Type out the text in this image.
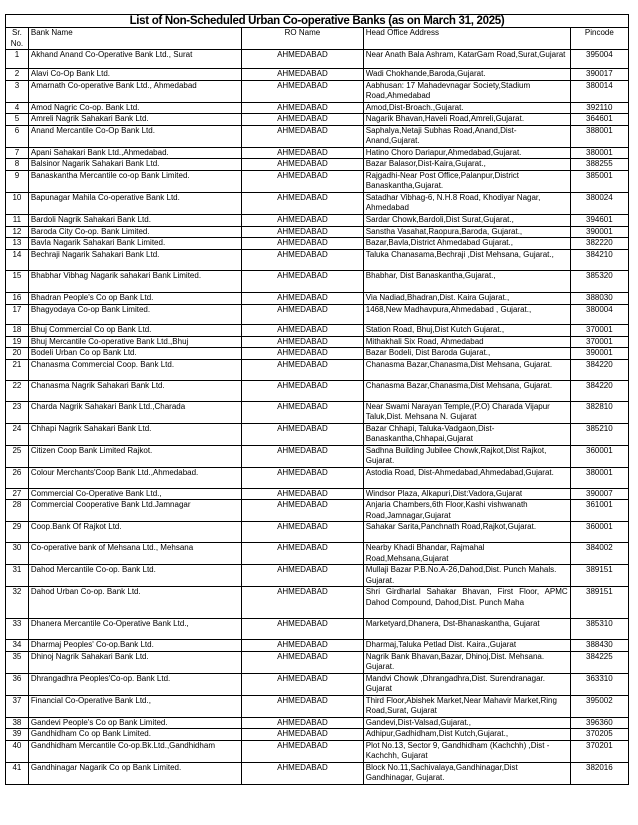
List of Non-Scheduled Urban Co-operative Banks (as on March 31, 2025)				
Sr.
No.	Bank Name	RO Name	Head Office Address	Pincode
1	Akhand Anand Co-Operative Bank Ltd., Surat	AHMEDABAD	Near Anath Bala Ashram, KatarGam Road,Surat,Gujarat	395004
2	Alavi Co-Op Bank Ltd.	AHMEDABAD	Wadi Chokhande,Baroda,Gujarat.	390017
3	Amarnath Co-operative Bank Ltd., Ahmedabad	AHMEDABAD	Aabhusan: 17 Mahadevnagar Society,Stadium Road,Ahmedabad	380014
4	Amod Nagric Co-op. Bank Ltd.	AHMEDABAD	Amod,Dist-Broach.,Gujarat.	392110
5	Amreli Nagrik Sahakari Bank Ltd.	AHMEDABAD	Nagarik Bhavan,Haveli Road,Amreli,Gujarat.	364601
6	Anand Mercantile Co-Op Bank Ltd.	AHMEDABAD	Saphalya,Netaji Subhas Road,Anand,Dist-Anand,Gujarat.	388001
7	Apani Sahakari Bank Ltd.,Ahmedabad.	AHMEDABAD	Hatino Choro Dariapur,Ahmedabad,Gujarat.	380001
8	Balsinor Nagarik Sahakari Bank Ltd.	AHMEDABAD	Bazar Balasor,Dist-Kaira,Gujarat.,	388255
9	Banaskantha Mercantile co-op Bank Limited.	AHMEDABAD	Rajgadhi-Near Post Office,Palanpur,District Banaskantha,Gujarat.	385001
10	Bapunagar Mahila Co-operative Bank Ltd.	AHMEDABAD	Satadhar Vibhag-6, N.H.8 Road, Khodiyar Nagar, Ahmedabad	380024
11	Bardoli Nagrik Sahakari Bank Ltd.	AHMEDABAD	Sardar Chowk,Bardoli,Dist Surat,Gujarat.,	394601
12	Baroda City Co-op. Bank Limited.	AHMEDABAD	Sanstha Vasahat,Raopura,Baroda, Gujarat.,	390001
13	Bavla Nagarik Sahakari Bank Limited.	AHMEDABAD	Bazar,Bavla,District Ahmedabad Gujarat.,	382220
14	Bechraji Nagarik Sahakari Bank Ltd.	AHMEDABAD	Taluka Chanasama,Bechraji ,Dist Mehsana, Gujarat.,	384210
15	Bhabhar Vibhag Nagarik sahakari Bank Limited.	AHMEDABAD	Bhabhar, Dist Banaskantha,Gujarat.,	385320
16	Bhadran People's Co op Bank Ltd.	AHMEDABAD	Via Nadiad,Bhadran,Dist. Kaira Gujarat.,	388030
17	Bhagyodaya Co-op Bank Limited.	AHMEDABAD	1468,New Madhavpura,Ahmedabad , Gujarat.,	380004
18	Bhuj Commercial Co op Bank Ltd.	AHMEDABAD	Station Road, Bhuj,Dist Kutch Gujarat.,	370001
19	Bhuj Mercantile Co-operative Bank Ltd.,Bhuj	AHMEDABAD	Mithakhali Six Road, Ahmedabad	370001
20	Bodeli Urban Co op Bank Ltd.	AHMEDABAD	Bazar Bodeli, Dist Baroda Gujarat.,	390001
21	Chanasma Commercial Coop. Bank Ltd.	AHMEDABAD	Chanasma Bazar,Chanasma,Dist Mehsana, Gujarat.	384220
22	Chanasma Nagrik Sahakari Bank Ltd.	AHMEDABAD	Chanasma Bazar,Chanasma,Dist Mehsana, Gujarat.	384220
23	Charda Nagrik Sahakari Bank Ltd.,Charada	AHMEDABAD	Near Swami Narayan Temple,(P.O) Charada Vijapur Taluk,Dist. Mehsana N. Gujarat	382810
24	Chhapi Nagrik Sahakari Bank Ltd.	AHMEDABAD	Bazar Chhapi, Taluka-Vadgaon,Dist-Banaskantha,Chhapai,Gujarat	385210
25	Citizen Coop Bank Limited Rajkot.	AHMEDABAD	Sadhna Building Jubilee Chowk,Rajkot,Dist Rajkot, Gujarat.	360001
26	Colour Merchants'Coop Bank Ltd.,Ahmedabad.	AHMEDABAD	Astodia Road, Dist-Ahmedabad,Ahmedabad,Gujarat.	380001
27	Commercial Co-Operative Bank Ltd.,	AHMEDABAD	Windsor Plaza, Alkapuri,Dist:Vadora,Gujarat	390007
28	Commercial Cooperative Bank Ltd.Jamnagar	AHMEDABAD	Anjaria Chambers,6th Floor,Kashi vishwanath Road,Jamnagar,Gujarat	361001
29	Coop.Bank Of Rajkot Ltd.	AHMEDABAD	Sahakar Sarita,Panchnath Road,Rajkot,Gujarat.	360001
30	Co-operative bank of Mehsana Ltd., Mehsana	AHMEDABAD	Nearby Khadi Bhandar, Rajmahal Road,Mehsana,Gujarat	384002
31	Dahod Mercantile Co-op. Bank Ltd.	AHMEDABAD	Mullaji Bazar P.B.No.A-26,Dahod,Dist. Punch Mahals. Gujarat.	389151
32	Dahod Urban Co-op. Bank Ltd.	AHMEDABAD	Shri Girdharlal Sahakar Bhavan, First Floor, APMC Dahod Compound, Dahod,Dist. Punch Maha	389151
33	Dhanera Mercantile Co-Operative Bank Ltd.,	AHMEDABAD	Marketyard,Dhanera, Dst-Bhanaskantha, Gujarat	385310
34	Dharmaj Peoples' Co-op.Bank Ltd.	AHMEDABAD	Dharmaj,Taluka Petlad Dist. Kaira.,Gujarat	388430
35	Dhinoj Nagrik Sahakari Bank Ltd.	AHMEDABAD	Nagrik Bank Bhavan,Bazar, Dhinoj,Dist. Mehsana. Gujarat.	384225
36	Dhrangadhra Peoples'Co-op. Bank Ltd.	AHMEDABAD	Mandvi Chowk ,Dhrangadhra,Dist. Surendranagar. Gujarat	363310
37	Financial Co-Operative Bank Ltd.,	AHMEDABAD	Third Floor,Abishek Market,Near Mahavir Market,Ring Road,Surat, Gujarat	395002
38	Gandevi People's Co op Bank Limited.	AHMEDABAD	Gandevi,Dist-Valsad,Gujarat.,	396360
39	Gandhidham Co op Bank Limited.	AHMEDABAD	Adhipur,Gadhidham,Dist Kutch,Gujarat.,	370205
40	Gandhidham Mercantile Co-op.Bk.Ltd.,Gandhidham	AHMEDABAD	Plot No.13, Sector 9, Gandhidham (Kachchh) ,Dist - Kachchh, Gujarat	370201
41	Gandhinagar Nagarik Co op Bank Limited.	AHMEDABAD	Block No.11,Sachivalaya,Gandhinagar,Dist Gandhinagar, Gujarat.	382016
